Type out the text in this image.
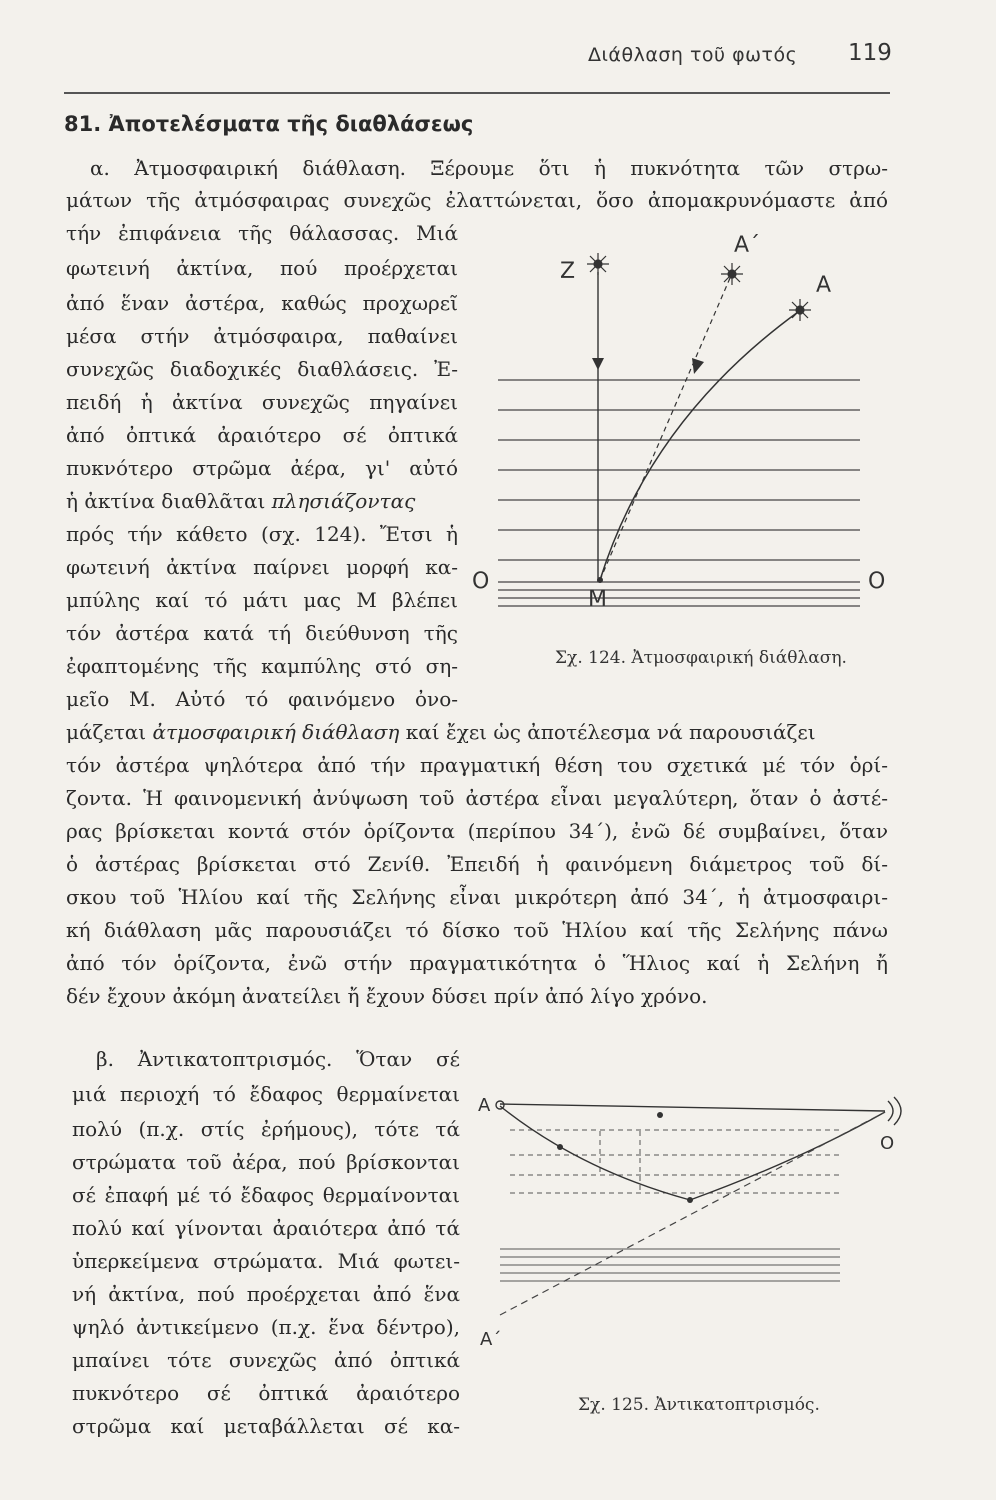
Διάθλαση τοῦ φωτός 119
81. Ἀποτελέσματα τῆς διαθλάσεως
α. Ἀτμοσφαιρική διάθλαση. Ξέρουμε ὅτι ἡ πυκνότητα τῶν στρω-
μάτων τῆς ἀτμόσφαιρας συνεχῶς ἐλαττώνεται, ὅσο ἀπομακρυνόμαστε ἀπό
τήν ἐπιφάνεια τῆς θάλασσας. Μιά
φωτεινή ἀκτίνα, πού προέρχεται
ἀπό ἕναν ἀστέρα, καθώς προχωρεῖ
μέσα στήν ἀτμόσφαιρα, παθαίνει
συνεχῶς διαδοχικές διαθλάσεις. Ἐ-
πειδή ἡ ἀκτίνα συνεχῶς πηγαίνει
ἀπό ὀπτικά ἀραιότερο σέ ὀπτικά
πυκνότερο στρῶμα ἀέρα, γι' αὐτό
ἡ ἀκτίνα διαθλᾶται πλησιάζοντας
πρός τήν κάθετο (σχ. 124). Ἔτσι ἡ
φωτεινή ἀκτίνα παίρνει μορφή κα-
μπύλης καί τό μάτι μας Μ βλέπει
τόν ἀστέρα κατά τή διεύθυνση τῆς
ἐφαπτομένης τῆς καμπύλης στό ση-
μεῖο Μ. Αὐτό τό φαινόμενο ὀνο-
μάζεται ἀτμοσφαιρική διάθλαση καί ἔχει ὡς ἀποτέλεσμα νά παρουσιάζει
τόν ἀστέρα ψηλότερα ἀπό τήν πραγματική θέση του σχετικά μέ τόν ὁρί-
ζοντα. Ἡ φαινομενική ἀνύψωση τοῦ ἀστέρα εἶναι μεγαλύτερη, ὅταν ὁ ἀστέ-
ρας βρίσκεται κοντά στόν ὁρίζοντα (περίπου 34΄), ἐνῶ δέ συμβαίνει, ὅταν
ὁ ἀστέρας βρίσκεται στό Ζενίθ. Ἐπειδή ἡ φαινόμενη διάμετρος τοῦ δί-
σκου τοῦ Ἡλίου καί τῆς Σελήνης εἶναι μικρότερη ἀπό 34΄, ἡ ἀτμοσφαιρι-
κή διάθλαση μᾶς παρουσιάζει τό δίσκο τοῦ Ἡλίου καί τῆς Σελήνης πάνω
ἀπό τόν ὁρίζοντα, ἐνῶ στήν πραγματικότητα ὁ Ἥλιος καί ἡ Σελήνη ἤ
δέν ἔχουν ἀκόμη ἀνατείλει ἤ ἔχουν δύσει πρίν ἀπό λίγο χρόνο.
β. Ἀντικατοπτρισμός. Ὅταν σέ
μιά περιοχή τό ἔδαφος θερμαίνεται
πολύ (π.χ. στίς ἐρήμους), τότε τά
στρώματα τοῦ ἀέρα, πού βρίσκονται
σέ ἐπαφή μέ τό ἔδαφος θερμαίνονται
πολύ καί γίνονται ἀραιότερα ἀπό τά
ὑπερκείμενα στρώματα. Μιά φωτει-
νή ἀκτίνα, πού προέρχεται ἀπό ἕνα
ψηλό ἀντικείμενο (π.χ. ἕνα δέντρο),
μπαίνει τότε συνεχῶς ἀπό ὀπτικά
πυκνότερο σέ ὀπτικά ἀραιότερο
στρῶμα καί μεταβάλλεται σέ κα-
Ζ
Α΄
Α
Ο	Ο
Μ
Σχ. 124. Ἀτμοσφαιρική διάθλαση.
Α
Α΄
Ο
Σχ. 125. Ἀντικατοπτρισμός.
